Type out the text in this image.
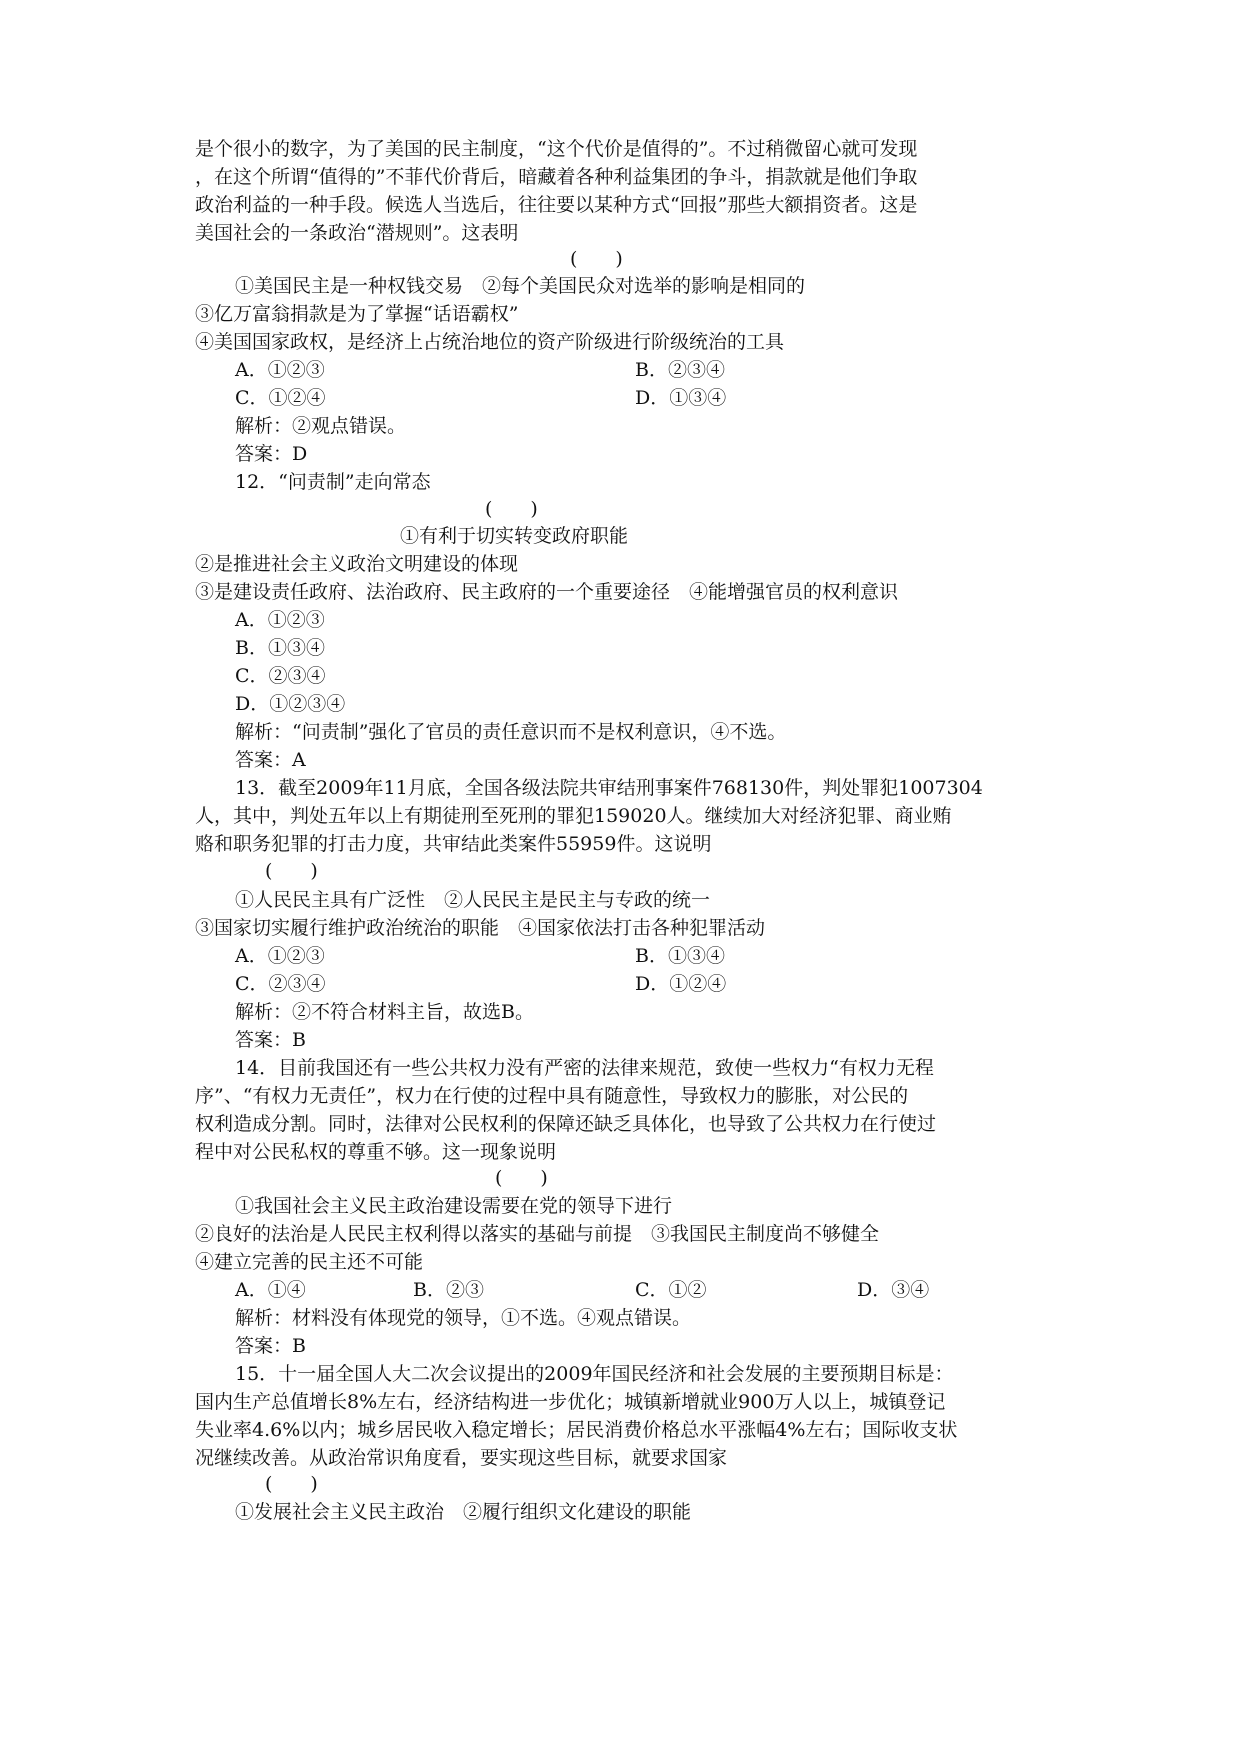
是个很小的数字，为了美国的民主制度，“这个代价是值得的”。不过稍微留心就可发现
，在这个所谓“值得的”不菲代价背后，暗藏着各种利益集团的争斗，捐款就是他们争取
政治利益的一种手段。候选人当选后，往往要以某种方式“回报”那些大额捐资者。这是
美国社会的一条政治“潜规则”。这表明
(　　)
①美国民主是一种权钱交易　②每个美国民众对选举的影响是相同的
③亿万富翁捐款是为了掌握“话语霸权”
④美国国家政权，是经济上占统治地位的资产阶级进行阶级统治的工具
A．①②③	B．②③④
C．①②④	D．①③④
解析：②观点错误。
答案：D
12．“问责制”走向常态
(　　)
①有利于切实转变政府职能
②是推进社会主义政治文明建设的体现
③是建设责任政府、法治政府、民主政府的一个重要途径　④能增强官员的权利意识
A．①②③
B．①③④
C．②③④
D．①②③④
解析：“问责制”强化了官员的责任意识而不是权利意识，④不选。
答案：A
13．截至2009年11月底，全国各级法院共审结刑事案件768130件，判处罪犯1007304
人，其中，判处五年以上有期徒刑至死刑的罪犯159020人。继续加大对经济犯罪、商业贿
赂和职务犯罪的打击力度，共审结此类案件55959件。这说明
(　　)
①人民民主具有广泛性　②人民民主是民主与专政的统一
③国家切实履行维护政治统治的职能　④国家依法打击各种犯罪活动
A．①②③	B．①③④
C．②③④	D．①②④
解析：②不符合材料主旨，故选B。
答案：B
14．目前我国还有一些公共权力没有严密的法律来规范，致使一些权力“有权力无程
序”、“有权力无责任”，权力在行使的过程中具有随意性，导致权力的膨胀，对公民的
权利造成分割。同时，法律对公民权利的保障还缺乏具体化，也导致了公共权力在行使过
程中对公民私权的尊重不够。这一现象说明
(　　)
①我国社会主义民主政治建设需要在党的领导下进行
②良好的法治是人民民主权利得以落实的基础与前提　③我国民主制度尚不够健全
④建立完善的民主还不可能
A．①④	B．②③	C．①②	D．③④
解析：材料没有体现党的领导，①不选。④观点错误。
答案：B
15．十一届全国人大二次会议提出的2009年国民经济和社会发展的主要预期目标是：
国内生产总值增长8%左右，经济结构进一步优化；城镇新增就业900万人以上，城镇登记
失业率4.6%以内；城乡居民收入稳定增长；居民消费价格总水平涨幅4%左右；国际收支状
况继续改善。从政治常识角度看，要实现这些目标，就要求国家
(　　)
①发展社会主义民主政治　②履行组织文化建设的职能
